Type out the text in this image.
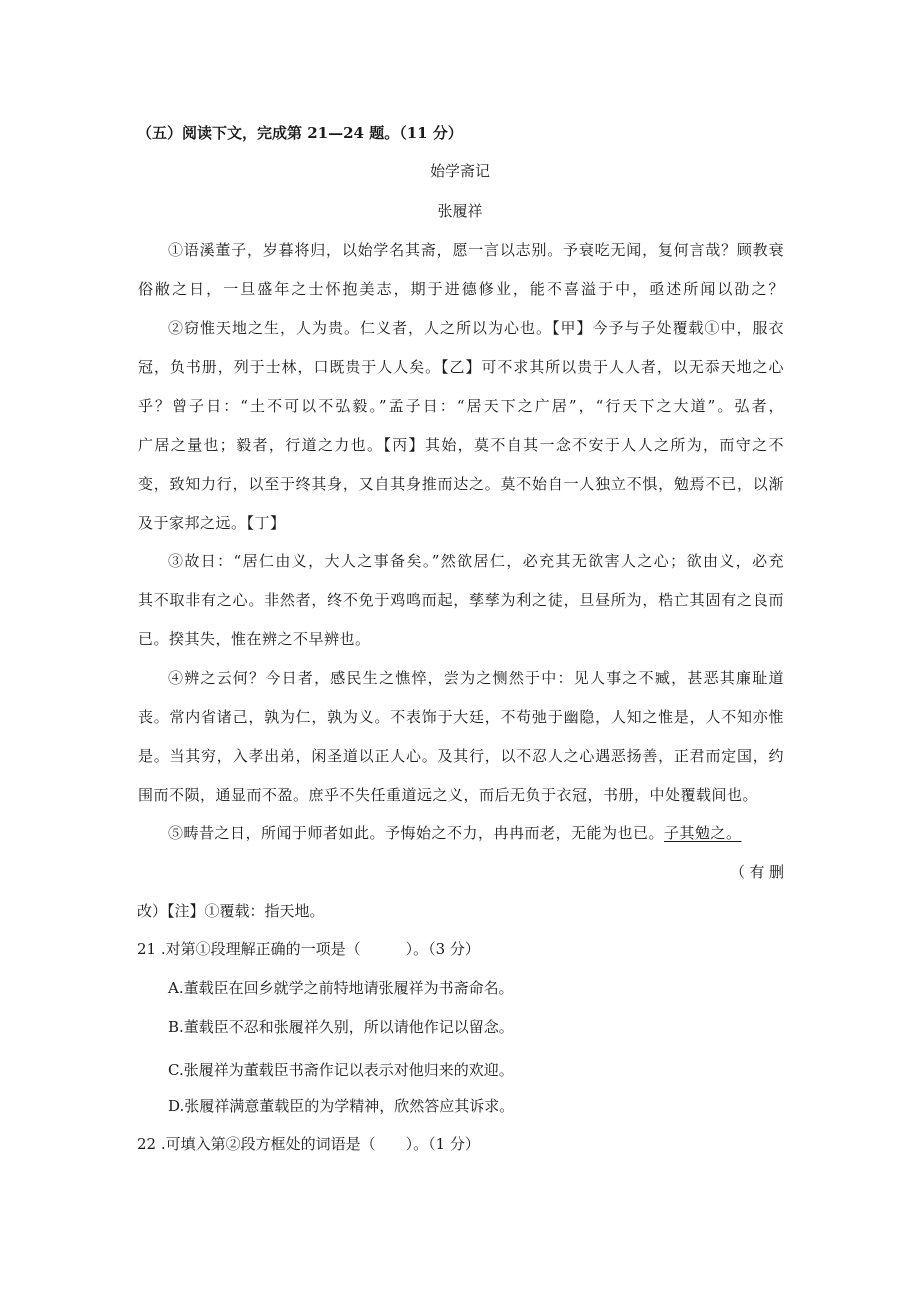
（五）阅读下文，完成第 21—24 题。（11 分）
始学斋记
张履祥
①语溪董子，岁暮将归，以始学名其斋，愿一言以志别。予衰吃无闻，复何言哉？顾教衰
俗敝之日，一旦盛年之士怀抱美志，期于进德修业，能不喜溢于中，亟述所闻以劭之？
②窃惟天地之生，人为贵。仁义者，人之所以为心也。【甲】今予与子处覆载①中，服衣
冠，负书册，列于士林，口既贵于人人矣。【乙】可不求其所以贵于人人者，以无忝天地之心
乎？曾子日：“土不可以不弘毅。”孟子日：“居天下之广居”，“行天下之大道”。弘者，
广居之量也；毅者，行道之力也。【丙】其始，莫不自其一念不安于人人之所为，而守之不
变，致知力行，以至于终其身，又自其身推而达之。莫不始自一人独立不惧，勉焉不已，以渐
及于家邦之远。【丁】
③故日：“居仁由义，大人之事备矣。”然欲居仁，必充其无欲害人之心；欲由义，必充
其不取非有之心。非然者，终不免于鸡鸣而起，孳孳为利之徒，旦昼所为，梏亡其固有之良而
已。揆其失，惟在辨之不早辨也。
④辨之云何？今日者，感民生之憔悴，尝为之恻然于中：见人事之不臧，甚恶其廉耻道
丧。常内省诸己，孰为仁，孰为义。不表饰于大廷，不苟弛于幽隐，人知之惟是，人不知亦惟
是。当其穷，入孝出弟，闲圣道以正人心。及其行，以不忍人之心遇恶扬善，正君而定国，约
围而不陨，通显而不盈。庶乎不失任重道远之义，而后无负于衣冠，书册，中处覆载间也。
⑤畴昔之日，所闻于师者如此。予悔始之不力，冉冉而老，无能为也已。子其勉之。
（有删
改）【注】①覆载：指天地。
21 .对第①段理解正确的一项是（　　　）。（3 分）
A.董载臣在回乡就学之前特地请张履祥为书斋命名。
B.董载臣不忍和张履祥久别，所以请他作记以留念。
C.张履祥为董载臣书斋作记以表示对他归来的欢迎。
D.张履祥满意董载臣的为学精神，欣然答应其诉求。
22 .可填入第②段方框处的词语是（　　）。（1 分）
